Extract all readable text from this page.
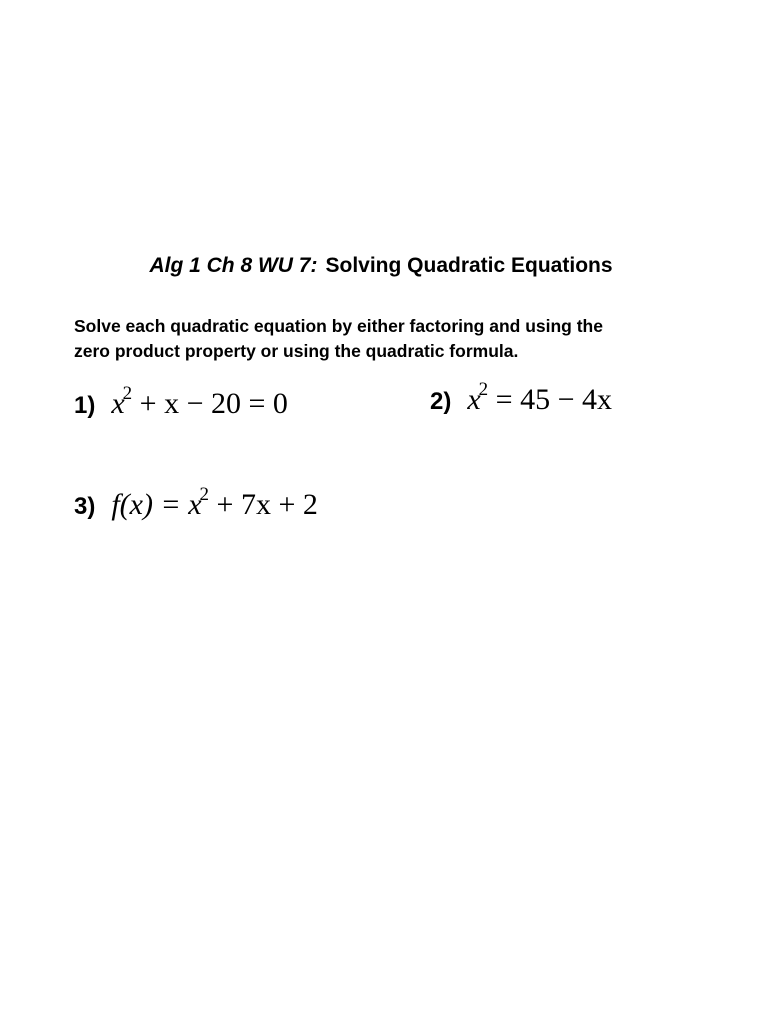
Alg 1 Ch 8 WU 7: Solving Quadratic Equations
Solve each quadratic equation by either factoring and using the
zero product property or using the quadratic formula.
1) $x^2 + x - 20 = 0$	2) $x^2 = 45 - 4x$
3) $f(x) = x^2 + 7x + 2$
